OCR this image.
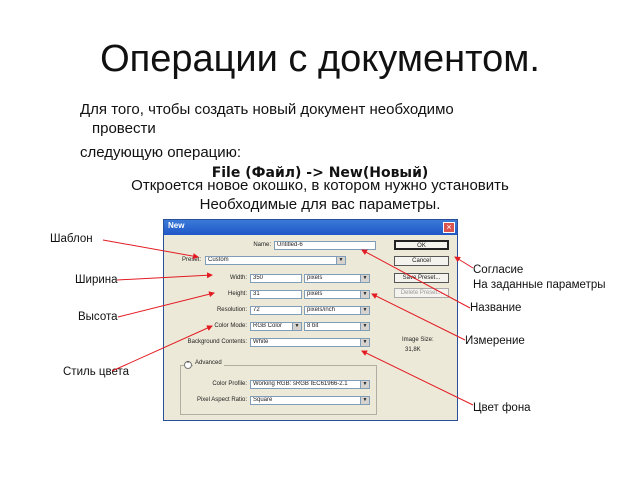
Операции с документом.
Для того, чтобы создать новый документ необходимо
провести
следующую операцию:
File (Файл) -> New(Новый)
Откроется новое окошко, в котором нужно установить
Необходимые для вас параметры.
Шаблон
Ширина
Высота
Стиль цвета
Согласие
На заданные параметры
Название
Измерение
Цвет фона
New	×
Name:	Untitled-6
Preset:	Custom	▼
Width:	350	pixels	▼
Height:	31	pixels	▼
Resolution:	72	pixels/inch	▼
Color Mode:	RGB Color	▼	8 bit	▼
Background Contents:	White	▼
^ Advanced
Color Profile:	Working RGB: sRGB IEC61966-2.1	▼
Pixel Aspect Ratio:	Square	▼
OK
Cancel
Save Preset...
Delete Preset...
Image Size:
31,8K
